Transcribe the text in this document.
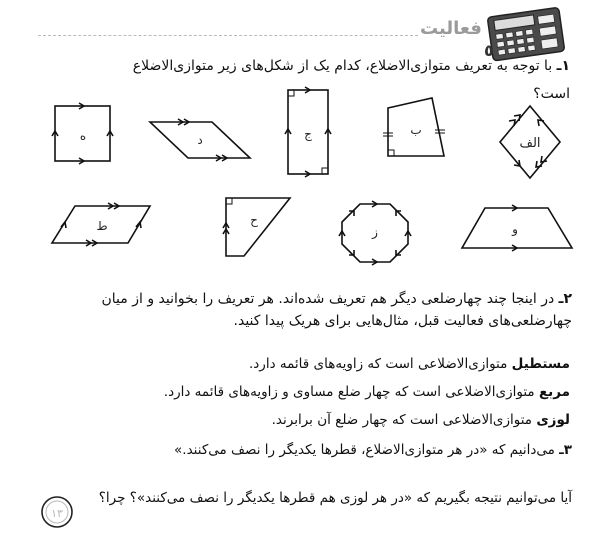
فعالیت
٥
۱ـ با توجه به تعریف متوازی‌الاضلاع، کدام یک از شکل‌های زیر متوازی‌الاضلاع
است؟
ه	د	ج	ب
الف
ط	ح
ز	و
۲ـ در اینجا چند چهارضلعی دیگر هم تعریف شده‌اند. هر تعریف را بخوانید و از میان چهارضلعی‌های فعالیت قبل، مثال‌هایی برای هریک پیدا کنید.
مستطیل متوازی‌الاضلاعی است که زاویه‌های قائمه دارد.
مربع متوازی‌الاضلاعی است که چهار ضلع مساوی و زاویه‌های قائمه دارد.
لوزی متوازی‌الاضلاعی است که چهار ضلع آن برابرند.
۳ـ می‌دانیم که «در هر متوازی‌الاضلاع، قطرها یکدیگر را نصف می‌کنند.»
آیا می‌توانیم نتیجه بگیریم که «در هر لوزی هم قطرها یکدیگر را نصف می‌کنند»؟ چرا؟
۱۳
